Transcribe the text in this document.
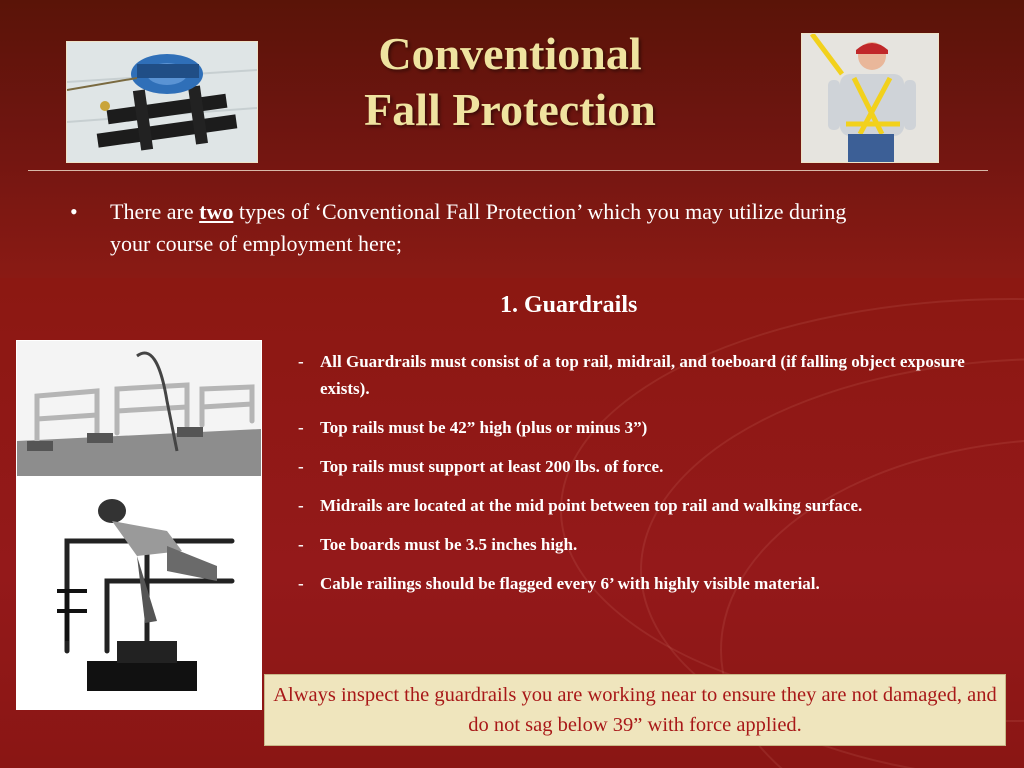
Conventional
Fall Protection
• There are two types of ‘Conventional Fall Protection’ which you may utilize during your course of employment here;
1. Guardrails
- All Guardrails must consist of a top rail, midrail, and toeboard (if falling object exposure exists).
- Top rails must be 42” high (plus or minus 3”)
- Top rails must support at least 200 lbs. of force.
- Midrails are located at the mid point between top rail and walking surface.
- Toe boards must be 3.5 inches high.
- Cable railings should be flagged every 6’ with highly visible material.
Always inspect the guardrails you are working near to ensure they are not damaged, and do not sag below 39” with force applied.
